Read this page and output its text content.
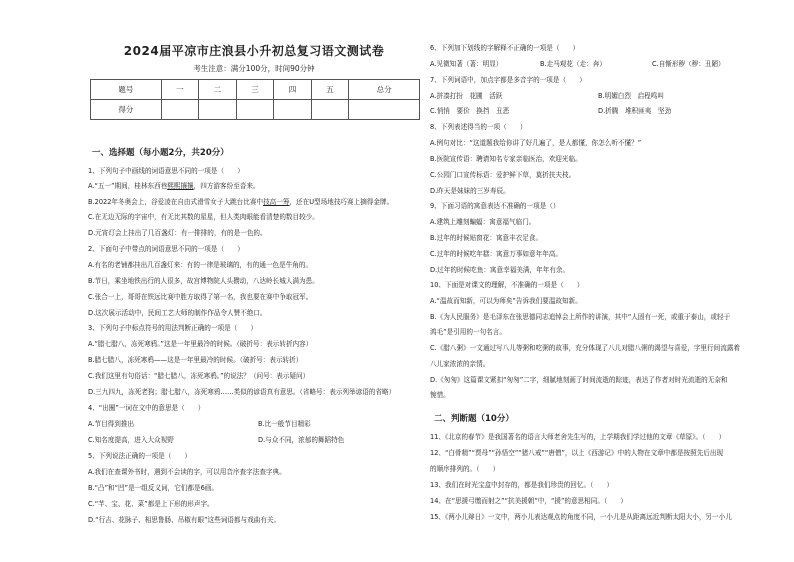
2024届平凉市庄浪县小升初总复习语文测试卷
考生注意：满分100分，时间90分钟
题号	一	二	三	四	五	总分
得分						
一、选择题（每小题2分，共20分）
1、下列句子中画线的词语意思不同的一项是（　　）
A.“五一”期间，桂林东西巷熙熙攘攘，四方游客纷至沓来。
B.2022年冬奥会上，谷爱凌在自由式滑雪女子大跳台比赛中技高一筹，还在U型场地技巧赛上摘得金牌。
C.在无边无际的宇宙中，有无比其数的星星，但人类肉眼能看清楚的数目较少。
D.元宵灯会上挂出了几百盏灯：有一排排的，有的是一色的。
2、下面句子中带点的词语意思不同的一项是（　　）
A.有名的老铺都挂出几百盏灯来：有的一律是玻璃的，有的通一色是牛角的。
B.节日，乘坐地铁出行的人很多，故宫博物院人头攒动，八达岭长城人满为患。
C.张合一上，哥哥在铁远比赛中胜方取得了第一名，我也要在赛中争取冠军。
D.这次展示活动中，民间工艺大师的制作作品令人赞不绝口。
3、下列句子中标点符号的用法判断正确的一项是（　　）
A.“腊七腊八，冻死寒鸦。”这是一年里最冷的时候。（破折号：表示转折内容）
B.腊七腊八，冻死寒鸦——这是一年里最冷的时候。（破折号：表示转折）
C.我们这里有句俗话：“腊七腊八，冻死寒鸦。”的说法？（问号：表示疑问）
D.三九四九，冻死老狗；腊七腊八，冻死寒鸦……类似的谚语真有意思。（省略号：表示列举谚语的省略）
4、“出圈”一词在文中的意思是（　　）
A.节目得到推出	B.比一般节目精彩
C.知名度提高，进入大众视野	D.与众不同，浓郁的舞蹈特色
5、下列说法正确的一项是（　　）
A.我们在查课外书时，遇到不会读的字，可以用音序查字法查字典。
B.“凸”和“凹”是一组反义词，它们都是6画。
C.“芊、宝、花、菜”都是上下形的形声字。
D.“行吉、花脉子、相思鲁肠、吊椒有眼”这些词语都与戏曲有关。
6、下列加下划线的字解释不正确的一项是（　　）
A.见微知著（著：明显）	B.走马观花（走：奔）	C.自惭形秽（秽：丑陋）
7、下列词语中，加点字都是多音字的一项是（　　）
A.拼凑打扮　花圃　活跃	B.明媚白烈　启程鸣叫
C.悄悄　要价　换挡　丑恶	D.折腾　堆积匪夷　坚劲
8、下列表述得当的一项（　　）
A.例句对比：“这道题我给你讲了好几遍了，是人都懂，你怎么听不懂？”
B.医院宣传语：聘请知名专家亲临医治，欢迎光临。
C.公园门口宣传标语：爱护鲜下草，莫折扶夫枝。
D.昨天是妹妹的三岁寿辰。
9、下面习语的寓意表达不准确的一项是（）
A.建筑上雕刻蝙蝠：寓意福气临门。
B.过年的时候贴窗花：寓意丰衣足食。
C.过年的时候吃年糕：寓意万事如意年年高。
D.过年的时候吃鱼：寓意幸福美满，年年有余。
10、下面是对课文的理解，不准确的一项是（　　）
A.“温故而知新，可以为师矣”告诉我们要温故知新。
B.《为人民服务》是毛泽东在张思德同志追悼会上所作的讲演，其中“人固有一死，或重于泰山，或轻于
鸿毛”是引用的一句名言。
C.《腊八粥》一文通过写八儿等粥和吃粥的故事，充分体现了八儿对腊八粥的渴望与喜爱，字里行间流露着
八儿家浓浓的亲情。
D.《匆匆》这篇课文紧扣“匆匆”二字，细腻地刻画了时间流逝的踪迹，表达了作者对时光流逝的无奈和
惋惜。
二、判断题（10分）
11、《北京的春节》是我国著名的语言大师老舍先生写的，上学期我们学过他的文章《草原》。（　　）
12、“白骨精”“贾母”“孙悟空”“猪八戒”“唐僧”，以上《西游记》中的人物在文章中都是按照先后出现
的顺序排列的。（　　）
13、我们在时光宝盒中封存的，都是我们珍贵的回忆。（　　）
14、在“思援弓缴而射之”“抗美援朝”中，“援”的意思相同。（　　）
15、《两小儿辩日》一文中，两小儿表达观点的角度不同，一小儿是从距离远近判断太阳大小，另一小儿
